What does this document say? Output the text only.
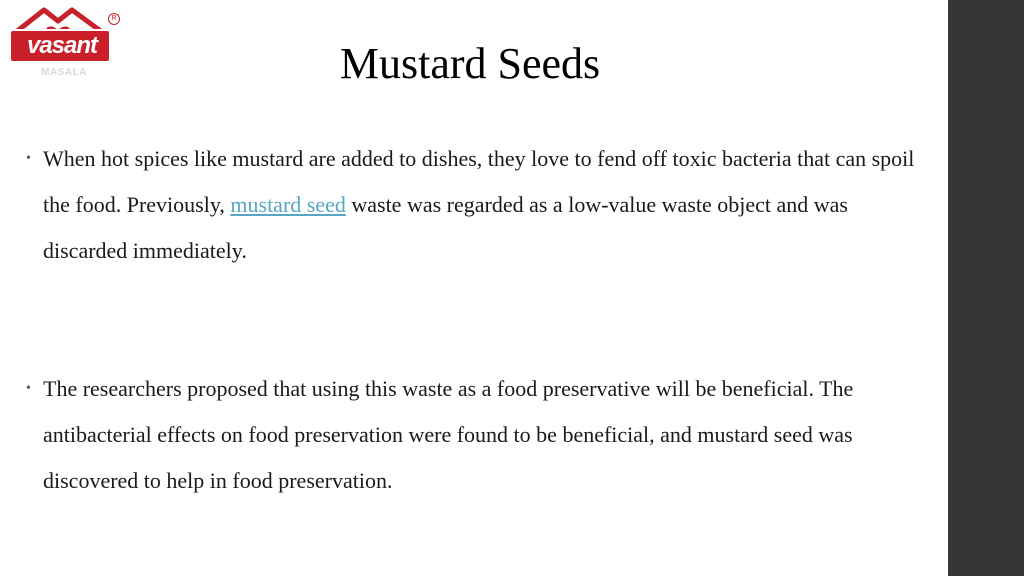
R
vasant
MASALA	Mustard Seeds
• When hot spices like mustard are added to dishes, they love to fend off toxic bacteria that can spoil the food. Previously, mustard seed waste was regarded as a low-value waste object and was discarded immediately.
• The researchers proposed that using this waste as a food preservative will be beneficial. The antibacterial effects on food preservation were found to be beneficial, and mustard seed was discovered to help in food preservation.
